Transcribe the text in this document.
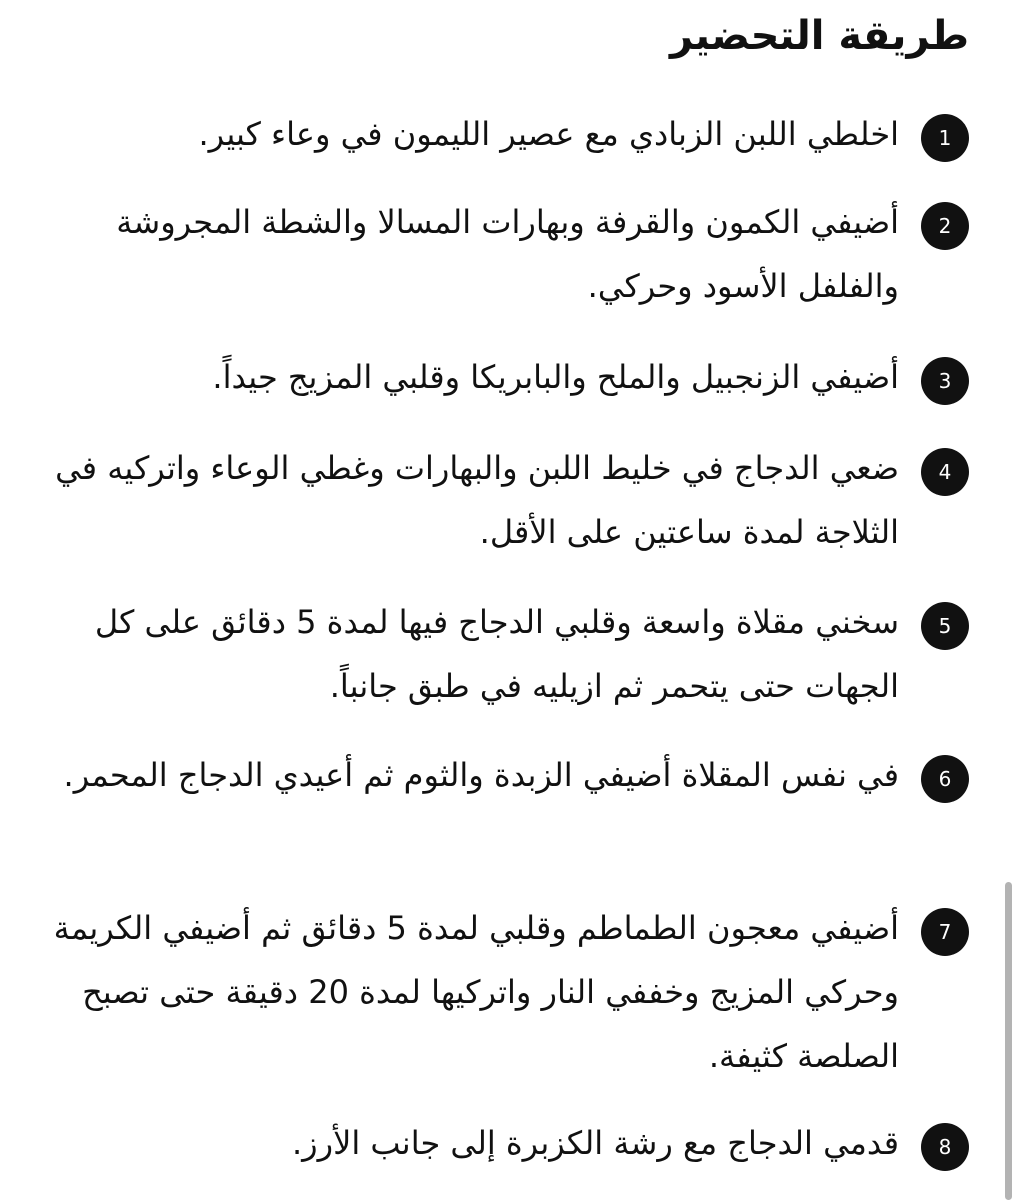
طريقة التحضير
1
اخلطي اللبن الزبادي مع عصير الليمون في وعاء كبير.
2
أضيفي الكمون والقرفة وبهارات المسالا والشطة المجروشة والفلفل الأسود وحركي.
3
أضيفي الزنجبيل والملح والبابريكا وقلبي المزيج جيداً.
4
ضعي الدجاج في خليط اللبن والبهارات وغطي الوعاء واتركيه في الثلاجة لمدة ساعتين على الأقل.
5
سخني مقلاة واسعة وقلبي الدجاج فيها لمدة 5 دقائق على كل الجهات حتى يتحمر ثم ازيليه في طبق جانباً.
6
في نفس المقلاة أضيفي الزبدة والثوم ثم أعيدي الدجاج المحمر.
7
أضيفي معجون الطماطم وقلبي لمدة 5 دقائق ثم أضيفي الكريمة وحركي المزيج وخففي النار واتركيها لمدة 20 دقيقة حتى تصبح الصلصة كثيفة.
8
قدمي الدجاج مع رشة الكزبرة إلى جانب الأرز.
